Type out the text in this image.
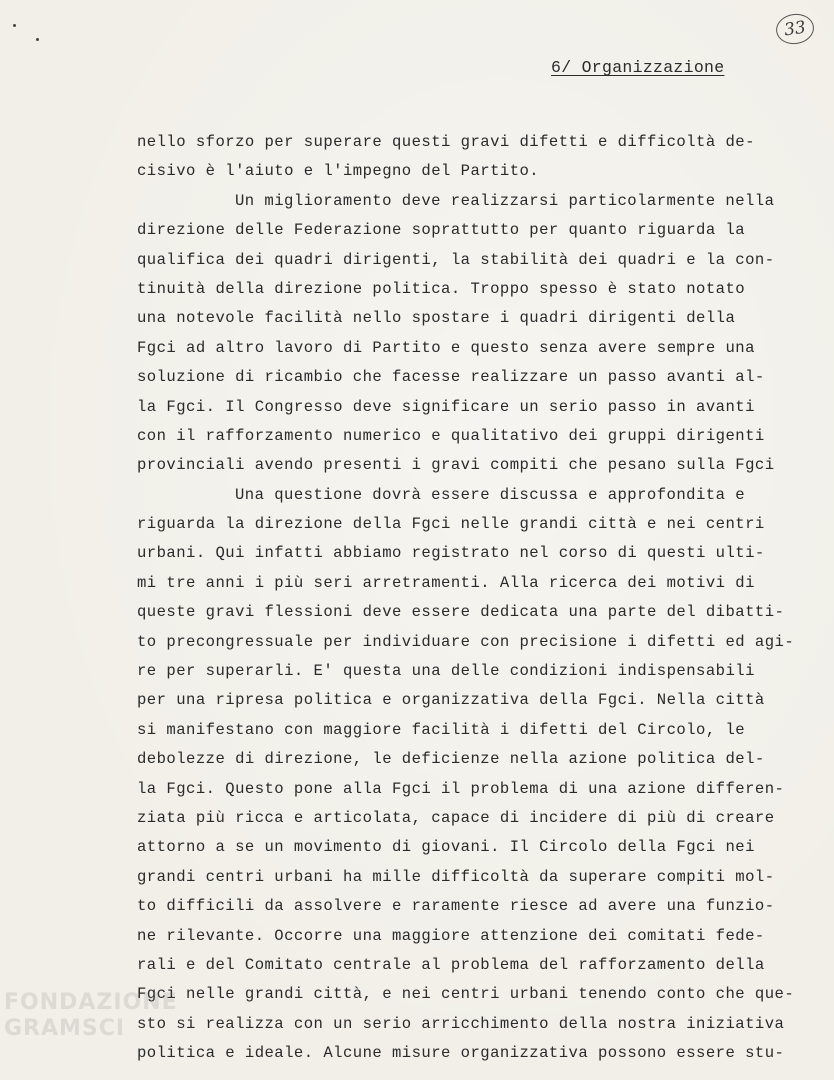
33
6/ Organizzazione
nello sforzo per superare questi gravi difetti e difficoltà de-
cisivo è l'aiuto e l'impegno del Partito.
Un miglioramento deve realizzarsi particolarmente nella
direzione delle Federazione soprattutto per quanto riguarda la
qualifica dei quadri dirigenti, la stabilità dei quadri e la con-
tinuità della direzione politica. Troppo spesso è stato notato
una notevole facilità nello spostare i quadri dirigenti della
Fgci ad altro lavoro di Partito e questo senza avere sempre una
soluzione di ricambio che facesse realizzare un passo avanti al-
la Fgci. Il Congresso deve significare un serio passo in avanti
con il rafforzamento numerico e qualitativo dei gruppi dirigenti
provinciali avendo presenti i gravi compiti che pesano sulla Fgci
Una questione dovrà essere discussa e approfondita e
riguarda la direzione della Fgci nelle grandi città e nei centri
urbani. Qui infatti abbiamo registrato nel corso di questi ulti-
mi tre anni i più seri arretramenti. Alla ricerca dei motivi di
queste gravi flessioni deve essere dedicata una parte del dibatti-
to precongressuale per individuare con precisione i difetti ed agi-
re per superarli. E' questa una delle condizioni indispensabili
per una ripresa politica e organizzativa della Fgci. Nella città
si manifestano con maggiore facilità i difetti del Circolo, le
debolezze di direzione, le deficienze nella azione politica del-
la Fgci. Questo pone alla Fgci il problema di una azione differen-
ziata più ricca e articolata, capace di incidere di più di creare
attorno a se un movimento di giovani. Il Circolo della Fgci nei
grandi centri urbani ha mille difficoltà da superare compiti mol-
to difficili da assolvere e raramente riesce ad avere una funzio-
ne rilevante. Occorre una maggiore attenzione dei comitati fede-
rali e del Comitato centrale al problema del rafforzamento della
Fgci nelle grandi città, e nei centri urbani tenendo conto che que-
sto si realizza con un serio arricchimento della nostra iniziativa
politica e ideale. Alcune misure organizzativa possono essere stu-
FONDAZIONE
GRAMSCI
